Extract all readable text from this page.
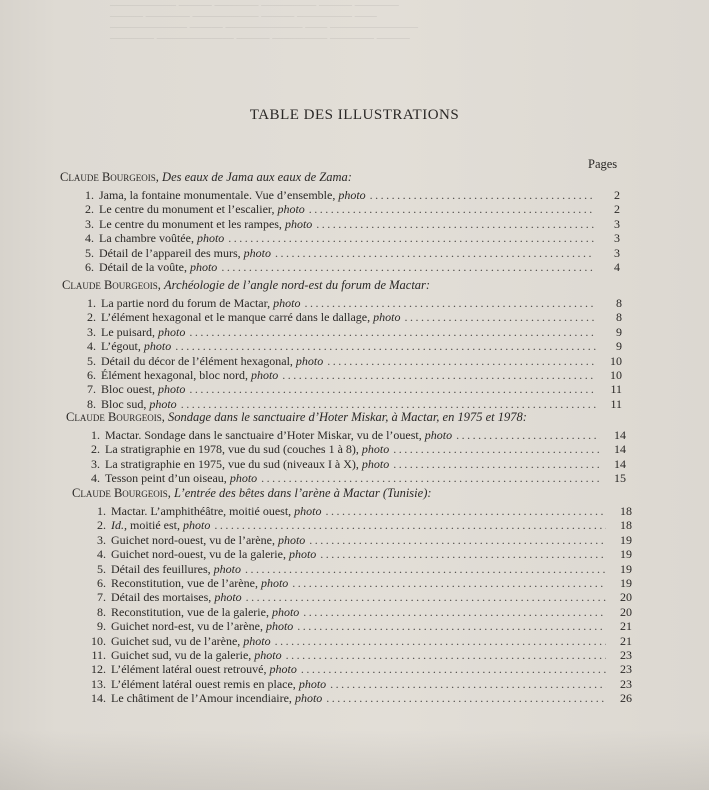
—————— ——— ———— ————— ——— ————
——— ———— —————— ——— ————— ——
——————— ——— ——————— —— ————————
———— ——————— ——— ————— ———— ———
TABLE DES ILLUSTRATIONS
Pages
Claude Bourgeois, Des eaux de Jama aux eaux de Zama:
1. Jama, la fontaine monumentale. Vue d’ensemble, photo .....	2
2. Le centre du monument et l’escalier, photo .....	2
3. Le centre du monument et les rampes, photo .....	3
4. La chambre voûtée, photo .....	3
5. Détail de l’appareil des murs, photo .....	3
6. Détail de la voûte, photo .....	4
Claude Bourgeois, Archéologie de l’angle nord-est du forum de Mactar:
1. La partie nord du forum de Mactar, photo .....	8
2. L’élément hexagonal et le manque carré dans le dallage, photo .....	8
3. Le puisard, photo .....	9
4. L’égout, photo .....	9
5. Détail du décor de l’élément hexagonal, photo .....	10
6. Élément hexagonal, bloc nord, photo .....	10
7. Bloc ouest, photo .....	11
8. Bloc sud, photo .....	11
Claude Bourgeois, Sondage dans le sanctuaire d’Hoter Miskar, à Mactar, en 1975 et 1978:
1. Mactar. Sondage dans le sanctuaire d’Hoter Miskar, vu de l’ouest, photo .....	14
2. La stratigraphie en 1978, vue du sud (couches 1 à 8), photo .....	14
3. La stratigraphie en 1975, vue du sud (niveaux I à X), photo .....	14
4. Tesson peint d’un oiseau, photo .....	15
Claude Bourgeois, L’entrée des bêtes dans l’arène à Mactar (Tunisie):
1. Mactar. L’amphithéâtre, moitié ouest, photo .....	18
2. Id., moitié est, photo .....	18
3. Guichet nord-ouest, vu de l’arène, photo .....	19
4. Guichet nord-ouest, vu de la galerie, photo .....	19
5. Détail des feuillures, photo .....	19
6. Reconstitution, vue de l’arène, photo .....	19
7. Détail des mortaises, photo .....	20
8. Reconstitution, vue de la galerie, photo .....	20
9. Guichet nord-est, vu de l’arène, photo .....	21
10. Guichet sud, vu de l’arène, photo .....	21
11. Guichet sud, vu de la galerie, photo .....	23
12. L’élément latéral ouest retrouvé, photo .....	23
13. L’élément latéral ouest remis en place, photo .....	23
14. Le châtiment de l’Amour incendiaire, photo .....	26
